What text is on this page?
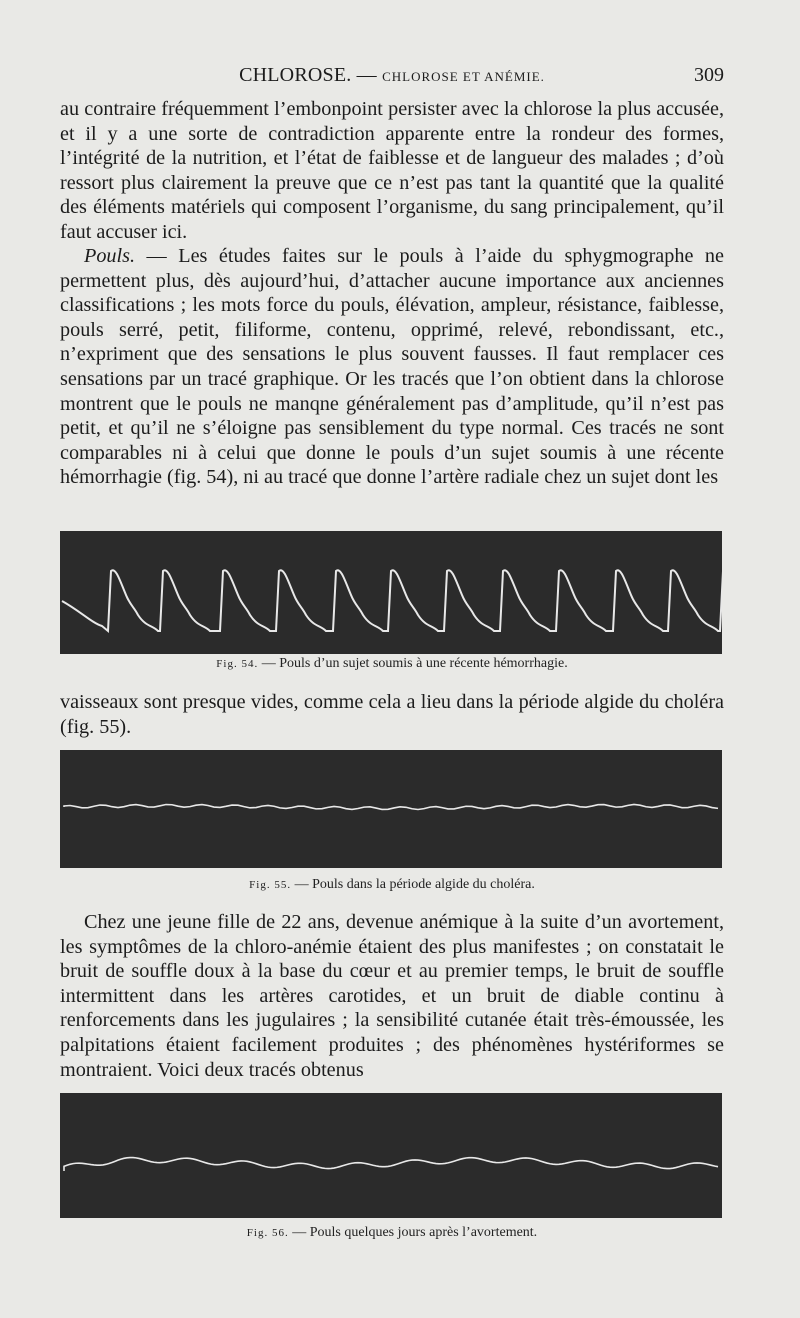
CHLOROSE. — CHLOROSE ET ANÉMIE.	309

au contraire fréquemment l’embonpoint persister avec la chlorose la plus accusée, et il y a une sorte de contradiction apparente entre la rondeur des formes, l’intégrité de la nutrition, et l’état de faiblesse et de langueur des malades ; d’où ressort plus clairement la preuve que ce n’est pas tant la quantité que la qualité des éléments matériels qui composent l’organisme, du sang principalement, qu’il faut accuser ici.

Pouls. — Les études faites sur le pouls à l’aide du sphygmographe ne permettent plus, dès aujourd’hui, d’attacher aucune importance aux anciennes classifications ; les mots force du pouls, élévation, ampleur, résistance, faiblesse, pouls serré, petit, filiforme, contenu, opprimé, relevé, rebondissant, etc., n’expriment que des sensations le plus souvent fausses. Il faut remplacer ces sensations par un tracé graphique. Or les tracés que l’on obtient dans la chlorose montrent que le pouls ne manqne généralement pas d’amplitude, qu’il n’est pas petit, et qu’il ne s’éloigne pas sensiblement du type normal. Ces tracés ne sont comparables ni à celui que donne le pouls d’un sujet soumis à une récente hémorrhagie (fig. 54), ni au tracé que donne l’artère radiale chez un sujet dont les

Fig. 54. — Pouls d’un sujet soumis à une récente hémorrhagie.

vaisseaux sont presque vides, comme cela a lieu dans la période algide du choléra (fig. 55).

Fig. 55. — Pouls dans la période algide du choléra.

Chez une jeune fille de 22 ans, devenue anémique à la suite d’un avortement, les symptômes de la chloro-anémie étaient des plus manifestes ; on constatait le bruit de souffle doux à la base du cœur et au premier temps, le bruit de souffle intermittent dans les artères carotides, et un bruit de diable continu à renforcements dans les jugulaires ; la sensibilité cutanée était très-émoussée, les palpitations étaient facilement produites ; des phénomènes hystériformes se montraient. Voici deux tracés obtenus

Fig. 56. — Pouls quelques jours après l’avortement.
